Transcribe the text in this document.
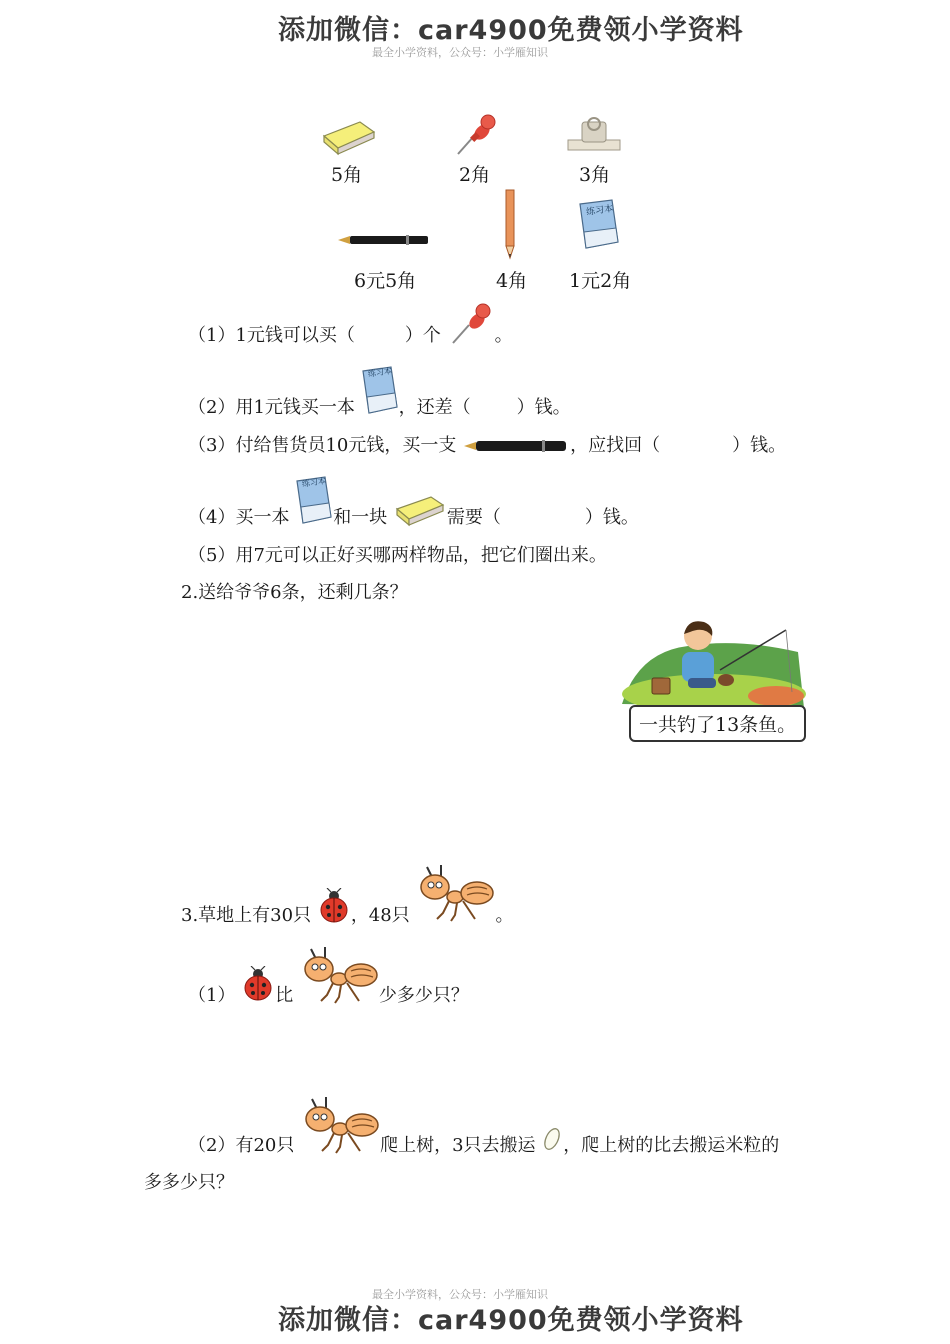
添加微信：car4900免费领小学资料
最全小学资料，公众号：小学雁知识
5角	2角	3角
6元5角	4角
练习本
1元2角
（1）1元钱可以买（	）个	。
（2）用1元钱买一本
练习本
，还差（	）钱。
（3）付给售货员10元钱，买一支	，应找回（	）钱。
（4）买一本
练习本
和一块	需要（	）钱。
（5）用7元可以正好买哪两样物品，把它们圈出来。
2.送给爷爷6条，还剩几条？
一共钓了13条鱼。
3.草地上有30只 ，48只	。
（1） 比	少多少只？
（2）有20只	爬上树，3只去搬运 ，爬上树的比去搬运米粒的
多多少只？
最全小学资料，公众号：小学雁知识
添加微信：car4900免费领小学资料
